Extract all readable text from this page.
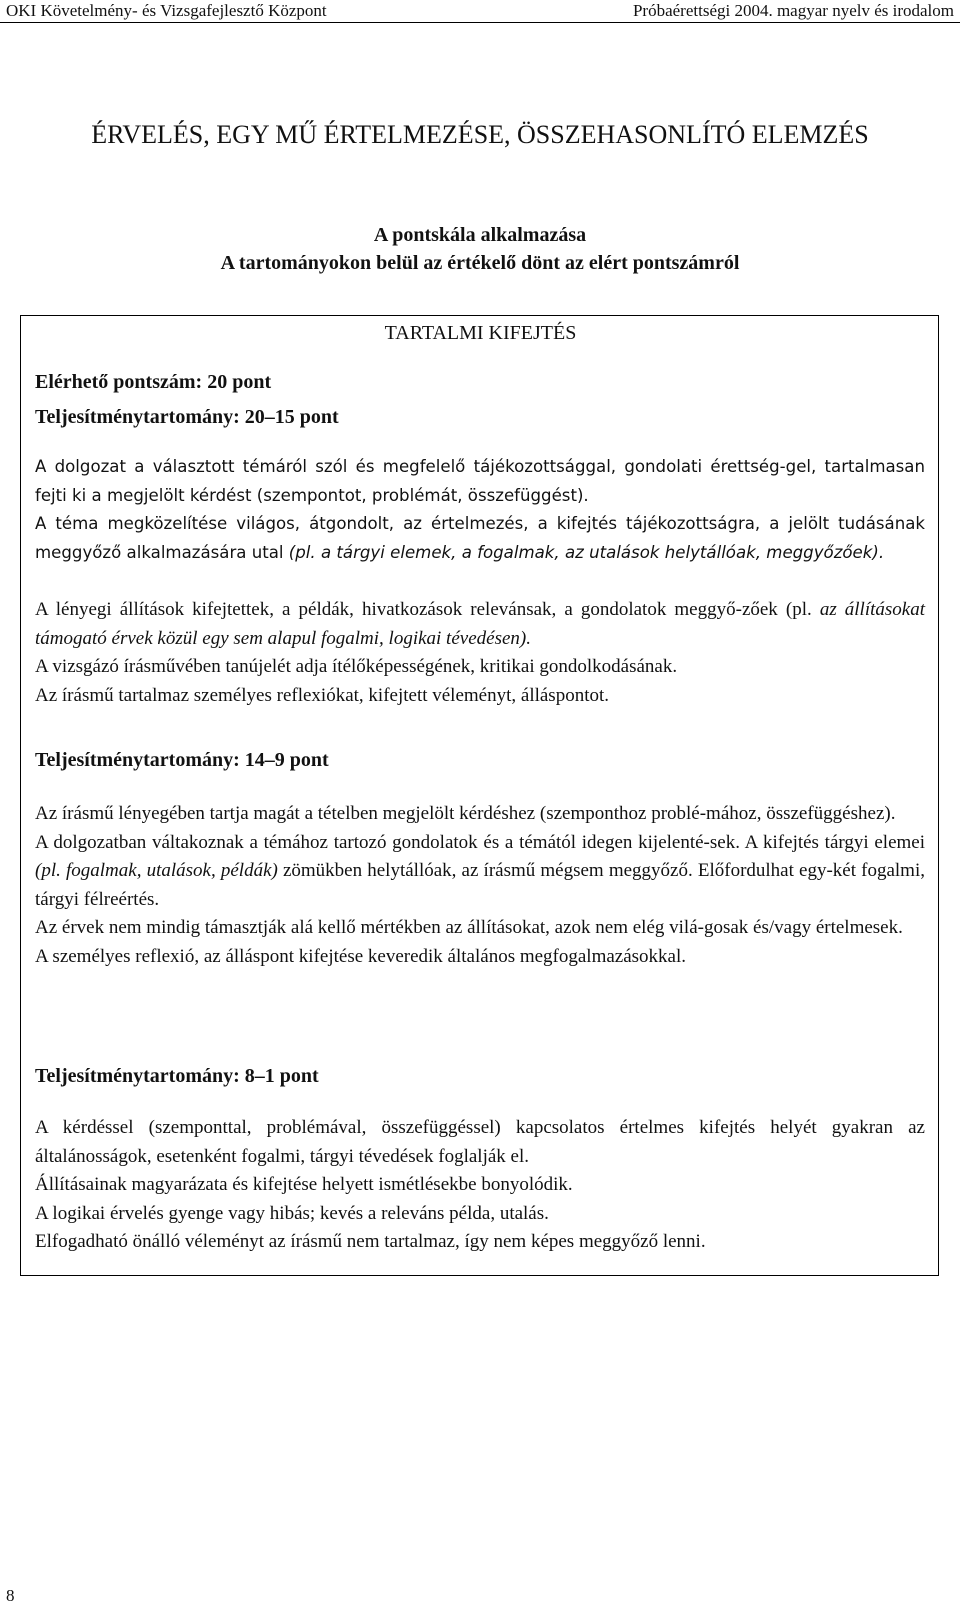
OKI Követelmény- és Vizsgafejlesztő Központ	Próbaérettségi 2004. magyar nyelv és irodalom
ÉRVELÉS, EGY MŰ ÉRTELMEZÉSE, ÖSSZEHASONLÍTÓ ELEMZÉS
A pontskála alkalmazása
A tartományokon belül az értékelő dönt az elért pontszámról
TARTALMI KIFEJTÉS
Elérhető pontszám: 20 pont
Teljesítménytartomány: 20–15 pont

A dolgozat a választott témáról szól és megfelelő tájékozottsággal, gondolati érettség-gel, tartalmasan fejti ki a megjelölt kérdést (szempontot, problémát, összefüggést).

A téma megközelítése világos, átgondolt, az értelmezés, a kifejtés tájékozottságra, a jelölt tudásának meggyőző alkalmazására utal (pl. a tárgyi elemek, a fogalmak, az utalások helytállóak, meggyőzőek).

A lényegi állítások kifejtettek, a példák, hivatkozások relevánsak, a gondolatok meggyő-zőek (pl. az állításokat támogató érvek közül egy sem alapul fogalmi, logikai tévedésen).

A vizsgázó írásművében tanújelét adja ítélőképességének, kritikai gondolkodásának.

Az írásmű tartalmaz személyes reflexiókat, kifejtett véleményt, álláspontot.

Teljesítménytartomány: 14–9 pont

Az írásmű lényegében tartja magát a tételben megjelölt kérdéshez (szemponthoz problé-mához, összefüggéshez).

A dolgozatban váltakoznak a témához tartozó gondolatok és a témától idegen kijelenté-sek. A kifejtés tárgyi elemei (pl. fogalmak, utalások, példák) zömükben helytállóak, az írásmű mégsem meggyőző. Előfordulhat egy-két fogalmi, tárgyi félreértés.

Az érvek nem mindig támasztják alá kellő mértékben az állításokat, azok nem elég vilá-gosak és/vagy értelmesek.

A személyes reflexió, az álláspont kifejtése keveredik általános megfogalmazásokkal.

Teljesítménytartomány: 8–1 pont

A kérdéssel (szemponttal, problémával, összefüggéssel) kapcsolatos értelmes kifejtés helyét gyakran az általánosságok, esetenként fogalmi, tárgyi tévedések foglalják el.

Állításainak magyarázata és kifejtése helyett ismétlésekbe bonyolódik.

A logikai érvelés gyenge vagy hibás; kevés a releváns példa, utalás.

Elfogadható önálló véleményt az írásmű nem tartalmaz, így nem képes meggyőző lenni.

8
